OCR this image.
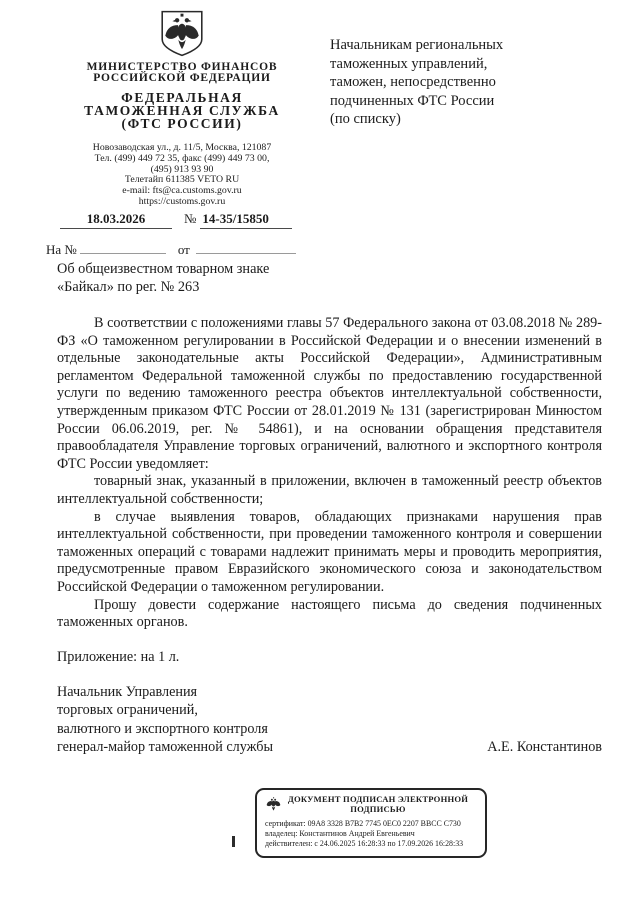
МИНИСТЕРСТВО ФИНАНСОВ
РОССИЙСКОЙ ФЕДЕРАЦИИ
ФЕДЕРАЛЬНАЯ
ТАМОЖЕННАЯ СЛУЖБА
(ФТС РОССИИ)
Новозаводская ул., д. 11/5, Москва, 121087
Тел. (499) 449 72 35, факс (499) 449 73 00,
(495) 913 93 90
Телетайп 611385 VETO RU
e-mail: fts@ca.customs.gov.ru
https://customs.gov.ru
Начальникам региональных
таможенных управлений,
таможен, непосредственно
подчиненных ФТС России
(по списку)
18.03.2026	№ 14-35/15850
На №	от
Об общеизвестном товарном знаке
«Байкал» по рег. № 263

В соответствии с положениями главы 57 Федерального закона от 03.08.2018 № 289-ФЗ «О таможенном регулировании в Российской Федерации и о внесении изменений в отдельные законодательные акты Российской Федерации», Административным регламентом Федеральной таможенной службы по предоставлению государственной услуги по ведению таможенного реестра объектов интеллектуальной собственности, утвержденным приказом ФТС России от 28.01.2019 № 131 (зарегистрирован Минюстом России 06.06.2019, рег. № 54861), и на основании обращения представителя правообладателя Управление торговых ограничений, валютного и экспортного контроля ФТС России уведомляет:

товарный знак, указанный в приложении, включен в таможенный реестр объектов интеллектуальной собственности;

в случае выявления товаров, обладающих признаками нарушения прав интеллектуальной собственности, при проведении таможенного контроля и совершении таможенных операций с товарами надлежит принимать меры и проводить мероприятия, предусмотренные правом Евразийского экономического союза и законодательством Российской Федерации о таможенном регулировании.

Прошу довести содержание настоящего письма до сведения подчиненных таможенных органов.

Приложение: на 1 л.
Начальник Управления
торговых ограничений,
валютного и экспортного контроля
генерал-майор таможенной службы	А.Е. Константинов
ДОКУМЕНТ ПОДПИСАН ЭЛЕКТРОННОЙ
ПОДПИСЬЮ
сертификат: 09A8 3328 B7B2 7745 0EC0 2207 BBCC C730
владелец: Константинов Андрей Евгеньевич
действителен: с 24.06.2025 16:28:33 по 17.09.2026 16:28:33
